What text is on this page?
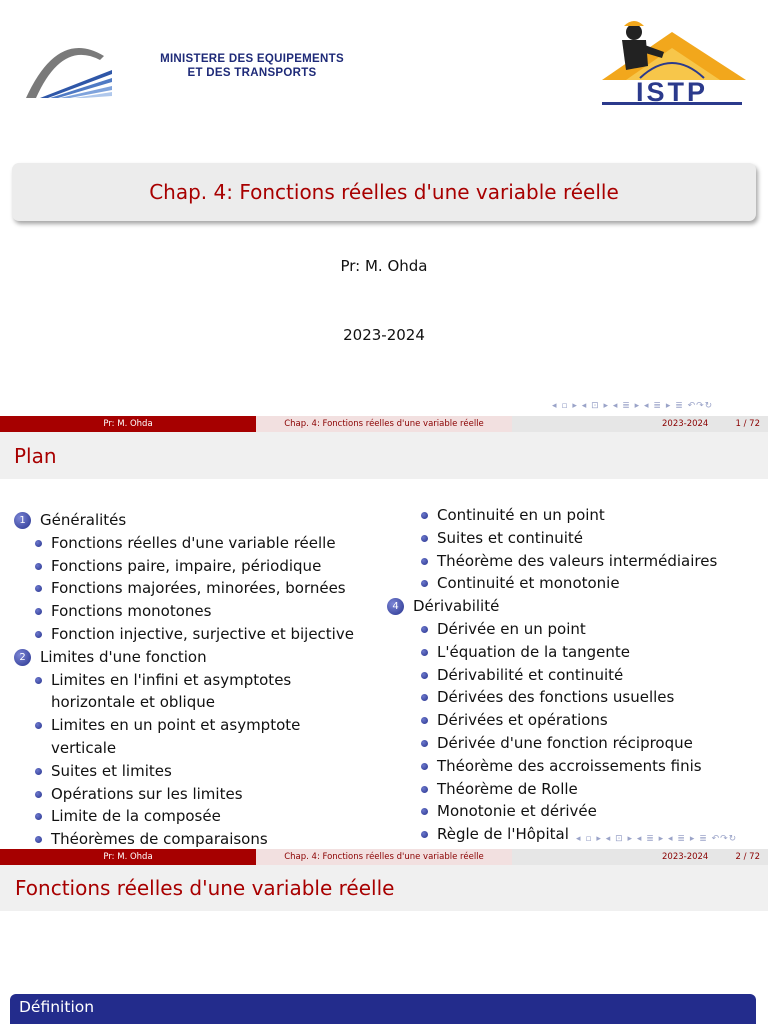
MINISTERE DES EQUIPEMENTS
ET DES TRANSPORTS
ISTP
Chap. 4: Fonctions réelles d'une variable réelle
Pr: M. Ohda
2023-2024
◂ ▫ ▸ ◂ ⊡ ▸ ◂ ≣ ▸ ◂ ≣ ▸ ≣ ↶↷↻
Pr: M. Ohda	Chap. 4: Fonctions réelles d'une variable réelle	2023-2024	1 / 72
Plan
1 Généralités
Fonctions réelles d'une variable réelle
Fonctions paire, impaire, périodique
Fonctions majorées, minorées, bornées
Fonctions monotones
Fonction injective, surjective et bijective
2 Limites d'une fonction
Limites en l'infini et asymptotes horizontale et oblique
Limites en un point et asymptote verticale
Suites et limites
Opérations sur les limites
Limite de la composée
Théorèmes de comparaisons
Continuité en un point
Suites et continuité
Théorème des valeurs intermédiaires
Continuité et monotonie
4 Dérivabilité
Dérivée en un point
L'équation de la tangente
Dérivabilité et continuité
Dérivées des fonctions usuelles
Dérivées et opérations
Dérivée d'une fonction réciproque
Théorème des accroissements finis
Théorème de Rolle
Monotonie et dérivée
Règle de l'Hôpital ◂ ▫ ▸ ◂ ⊡ ▸ ◂ ≣ ▸ ◂ ≣ ▸ ≣ ↶↷↻
Pr: M. Ohda	Chap. 4: Fonctions réelles d'une variable réelle	2023-2024	2 / 72
Fonctions réelles d'une variable réelle
Définition
